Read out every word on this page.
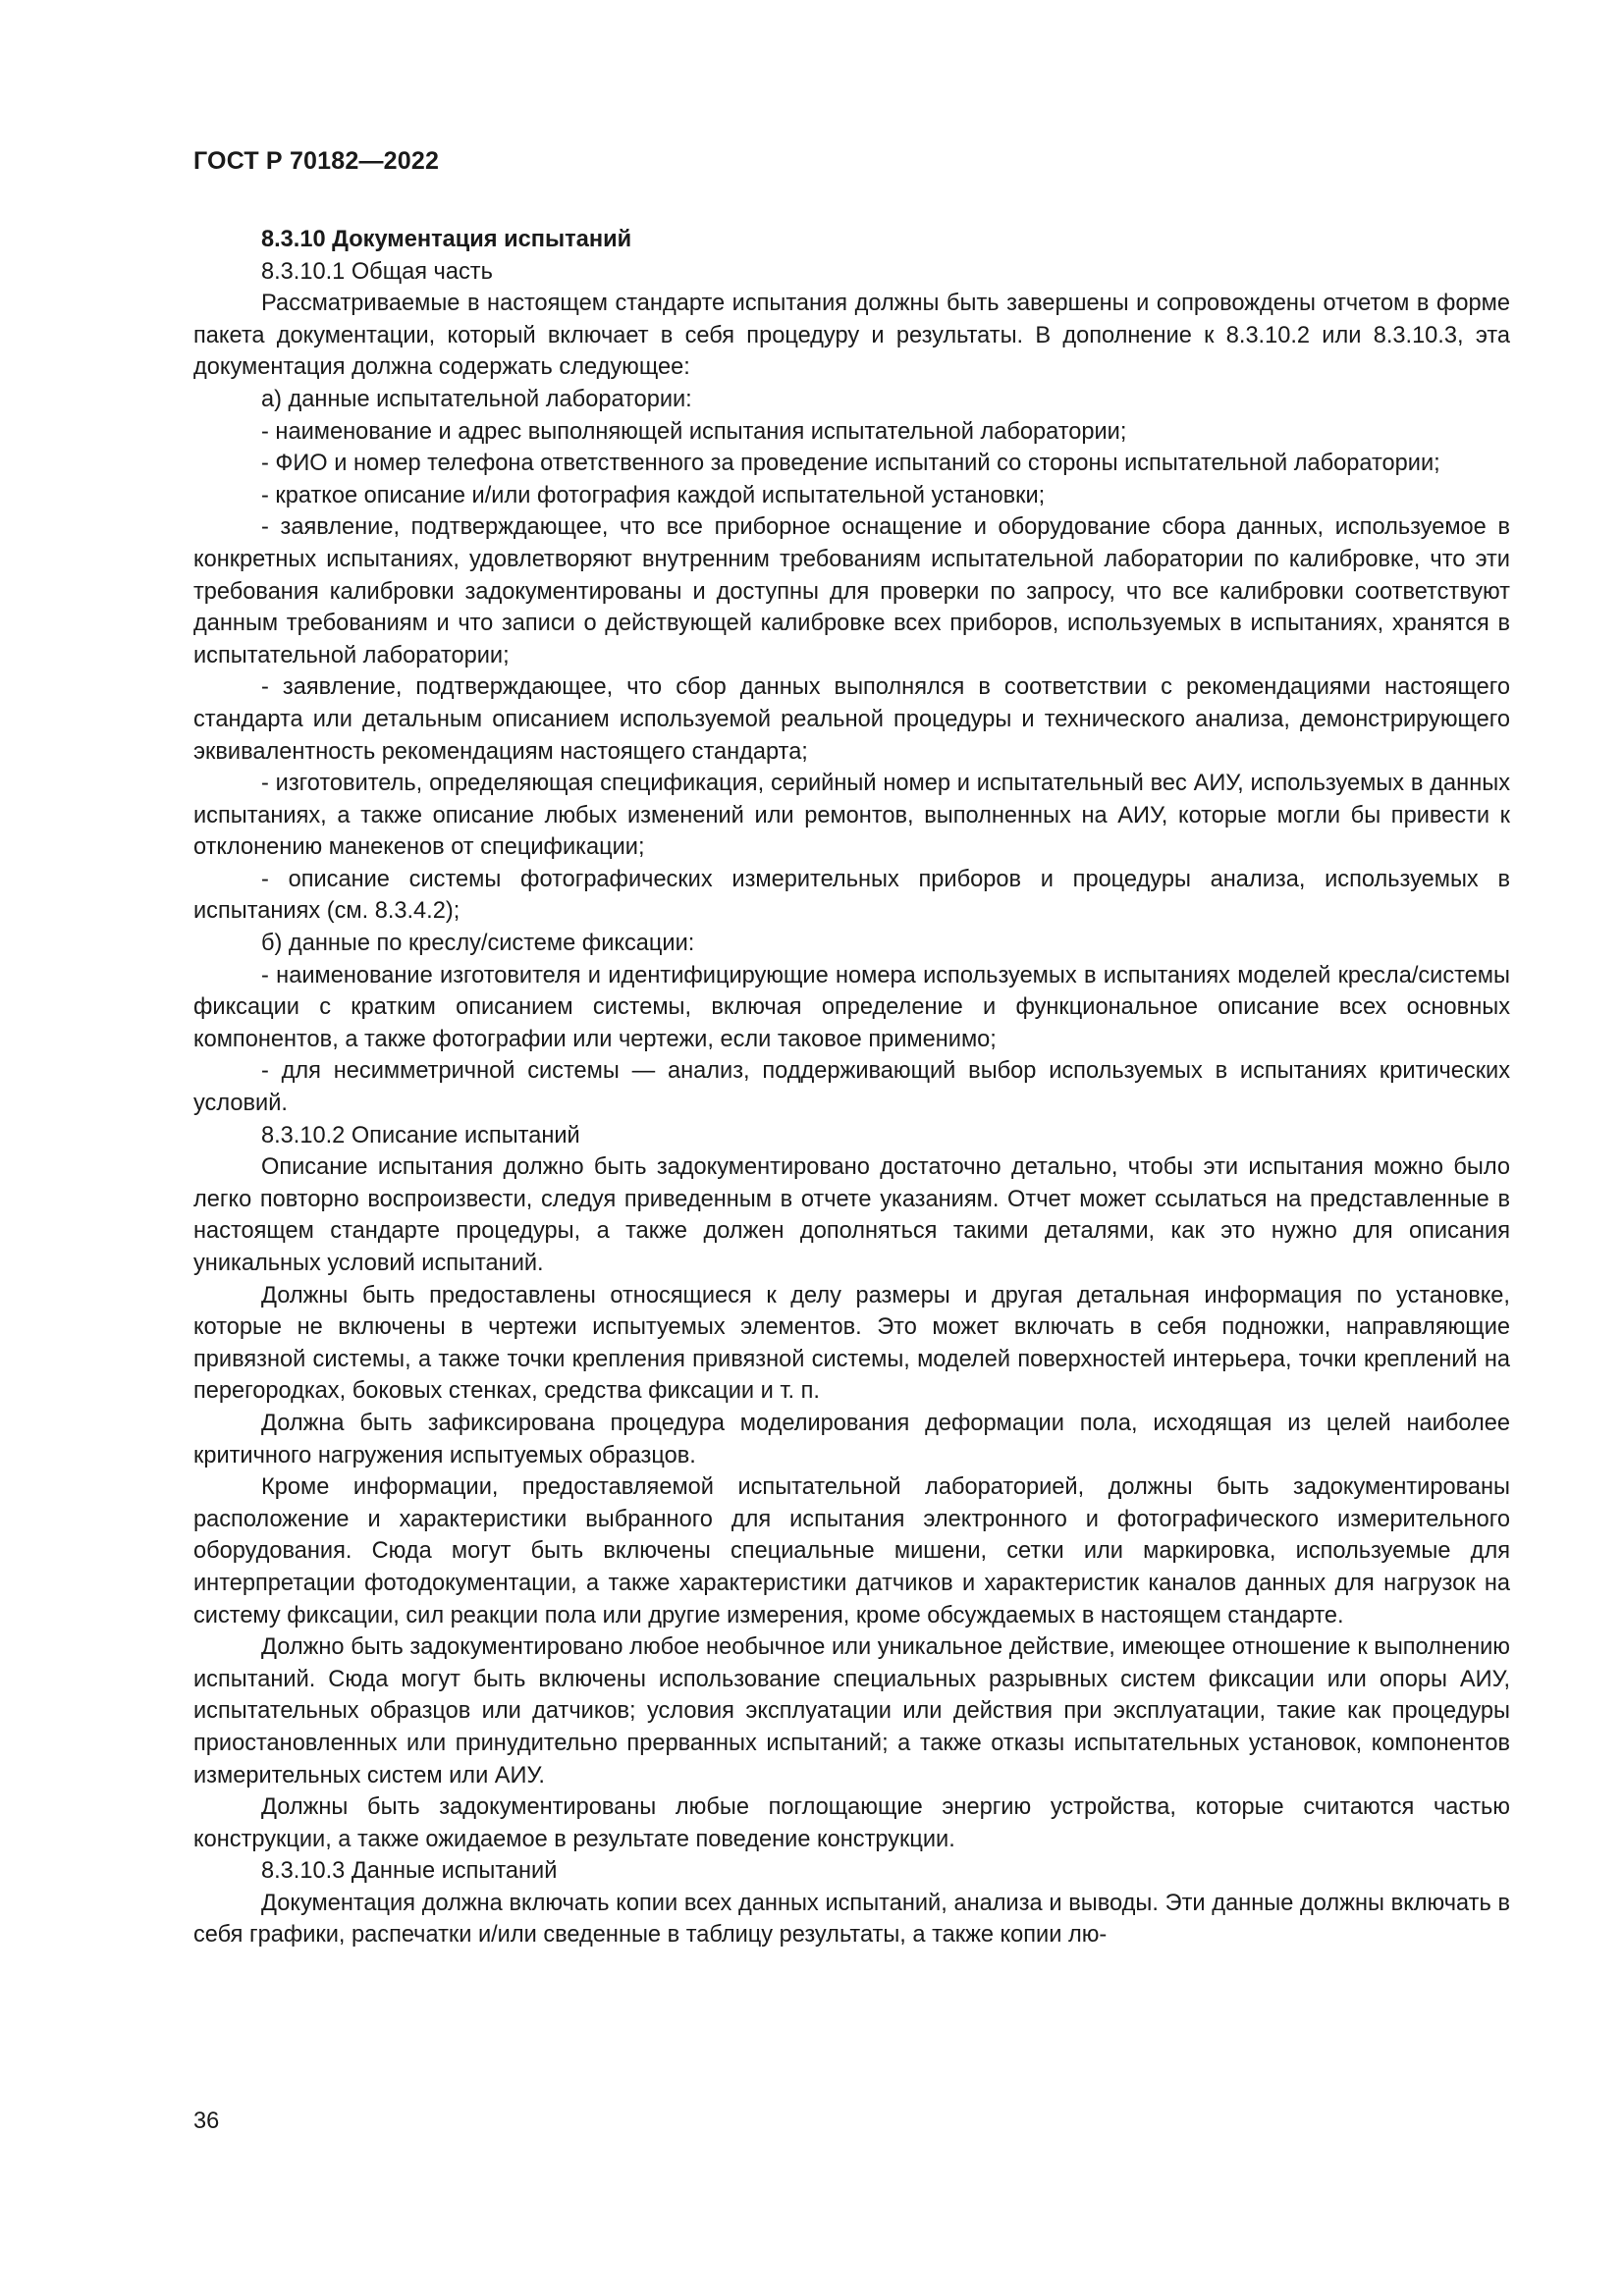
ГОСТ Р 70182—2022

8.3.10 Документация испытаний

8.3.10.1 Общая часть

Рассматриваемые в настоящем стандарте испытания должны быть завершены и сопровождены отчетом в форме пакета документации, который включает в себя процедуру и результаты. В дополнение к 8.3.10.2 или 8.3.10.3, эта документация должна содержать следующее:

а) данные испытательной лаборатории:

- наименование и адрес выполняющей испытания испытательной лаборатории;

- ФИО и номер телефона ответственного за проведение испытаний со стороны испытательной лаборатории;

- краткое описание и/или фотография каждой испытательной установки;

- заявление, подтверждающее, что все приборное оснащение и оборудование сбора данных, используемое в конкретных испытаниях, удовлетворяют внутренним требованиям испытательной лаборатории по калибровке, что эти требования калибровки задокументированы и доступны для проверки по запросу, что все калибровки соответствуют данным требованиям и что записи о действующей калибровке всех приборов, используемых в испытаниях, хранятся в испытательной лаборатории;

- заявление, подтверждающее, что сбор данных выполнялся в соответствии с рекомендациями настоящего стандарта или детальным описанием используемой реальной процедуры и технического анализа, демонстрирующего эквивалентность рекомендациям настоящего стандарта;

- изготовитель, определяющая спецификация, серийный номер и испытательный вес АИУ, используемых в данных испытаниях, а также описание любых изменений или ремонтов, выполненных на АИУ, которые могли бы привести к отклонению манекенов от спецификации;

- описание системы фотографических измерительных приборов и процедуры анализа, используемых в испытаниях (см. 8.3.4.2);

б) данные по креслу/системе фиксации:

- наименование изготовителя и идентифицирующие номера используемых в испытаниях моделей кресла/системы фиксации с кратким описанием системы, включая определение и функциональное описание всех основных компонентов, а также фотографии или чертежи, если таковое применимо;

- для несимметричной системы — анализ, поддерживающий выбор используемых в испытаниях критических условий.

8.3.10.2 Описание испытаний

Описание испытания должно быть задокументировано достаточно детально, чтобы эти испытания можно было легко повторно воспроизвести, следуя приведенным в отчете указаниям. Отчет может ссылаться на представленные в настоящем стандарте процедуры, а также должен дополняться такими деталями, как это нужно для описания уникальных условий испытаний.

Должны быть предоставлены относящиеся к делу размеры и другая детальная информация по установке, которые не включены в чертежи испытуемых элементов. Это может включать в себя подножки, направляющие привязной системы, а также точки крепления привязной системы, моделей поверхностей интерьера, точки креплений на перегородках, боковых стенках, средства фиксации и т. п.

Должна быть зафиксирована процедура моделирования деформации пола, исходящая из целей наиболее критичного нагружения испытуемых образцов.

Кроме информации, предоставляемой испытательной лабораторией, должны быть задокументированы расположение и характеристики выбранного для испытания электронного и фотографического измерительного оборудования. Сюда могут быть включены специальные мишени, сетки или маркировка, используемые для интерпретации фотодокументации, а также характеристики датчиков и характеристик каналов данных для нагрузок на систему фиксации, сил реакции пола или другие измерения, кроме обсуждаемых в настоящем стандарте.

Должно быть задокументировано любое необычное или уникальное действие, имеющее отношение к выполнению испытаний. Сюда могут быть включены использование специальных разрывных систем фиксации или опоры АИУ, испытательных образцов или датчиков; условия эксплуатации или действия при эксплуатации, такие как процедуры приостановленных или принудительно прерванных испытаний; а также отказы испытательных установок, компонентов измерительных систем или АИУ.

Должны быть задокументированы любые поглощающие энергию устройства, которые считаются частью конструкции, а также ожидаемое в результате поведение конструкции.

8.3.10.3 Данные испытаний

Документация должна включать копии всех данных испытаний, анализа и выводы. Эти данные должны включать в себя графики, распечатки и/или сведенные в таблицу результаты, а также копии лю-

36
